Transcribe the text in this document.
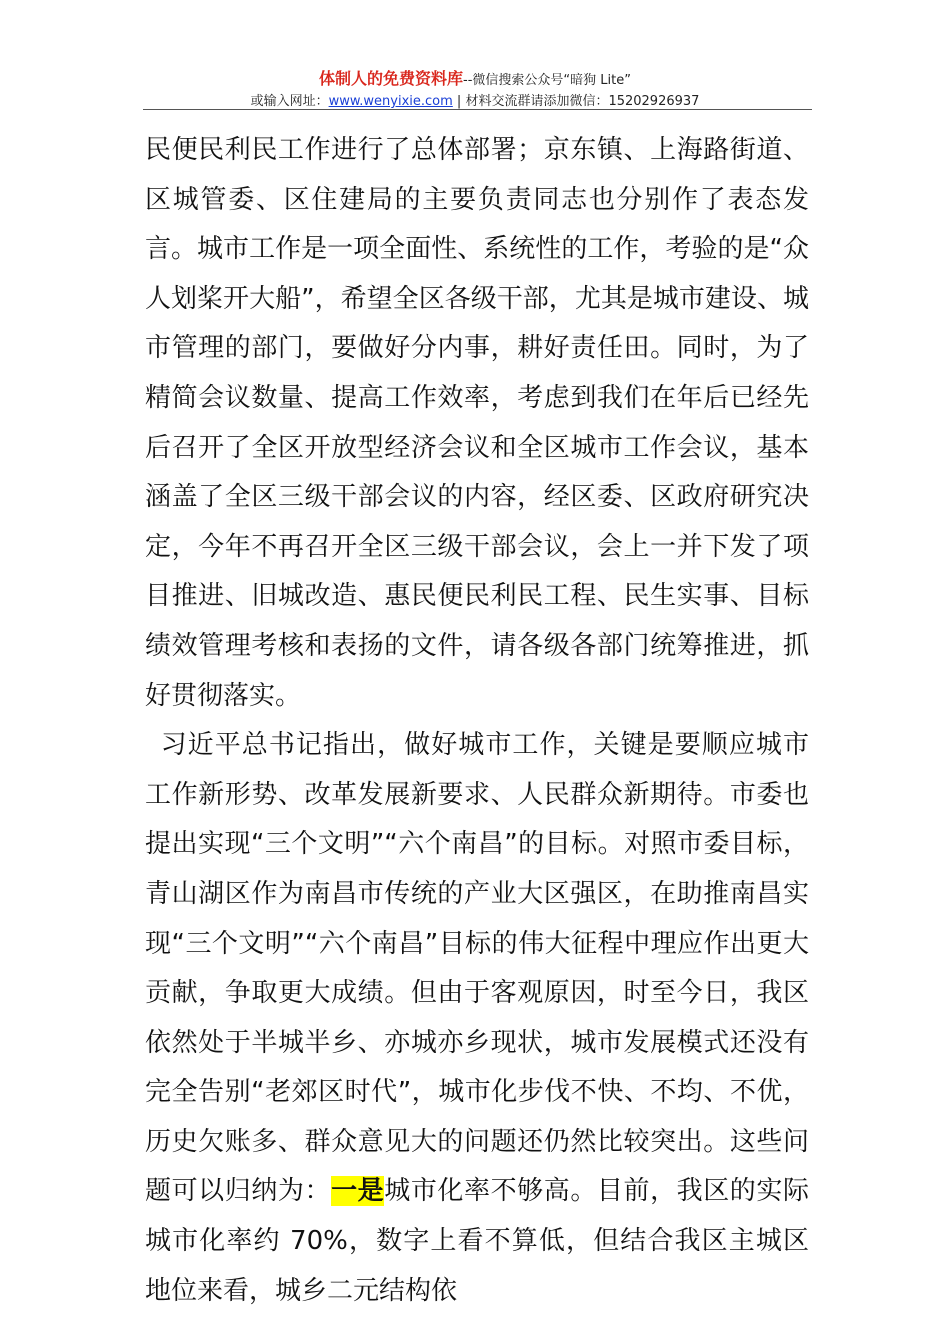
体制人的免费资料库--微信搜索公众号“暗狗 Lite”
或输入网址：www.wenyixie.com | 材料交流群请添加微信：15202926937

民便民利民工作进行了总体部署；京东镇、上海路街道、区城管委、区住建局的主要负责同志也分别作了表态发言。城市工作是一项全面性、系统性的工作，考验的是“众人划桨开大船”，希望全区各级干部，尤其是城市建设、城市管理的部门，要做好分内事，耕好责任田。同时，为了精简会议数量、提高工作效率，考虑到我们在年后已经先后召开了全区开放型经济会议和全区城市工作会议，基本涵盖了全区三级干部会议的内容，经区委、区政府研究决定，今年不再召开全区三级干部会议，会上一并下发了项目推进、旧城改造、惠民便民利民工程、民生实事、目标绩效管理考核和表扬的文件，请各级各部门统筹推进，抓好贯彻落实。

习近平总书记指出，做好城市工作，关键是要顺应城市工作新形势、改革发展新要求、人民群众新期待。市委也提出实现“三个文明”“六个南昌”的目标。对照市委目标，青山湖区作为南昌市传统的产业大区强区，在助推南昌实现“三个文明”“六个南昌”目标的伟大征程中理应作出更大贡献，争取更大成绩。但由于客观原因，时至今日，我区依然处于半城半乡、亦城亦乡现状，城市发展模式还没有完全告别“老郊区时代”，城市化步伐不快、不均、不优，历史欠账多、群众意见大的问题还仍然比较突出。这些问题可以归纳为：一是城市化率不够高。目前，我区的实际城市化率约 70%，数字上看不算低，但结合我区主城区地位来看，城乡二元结构依
